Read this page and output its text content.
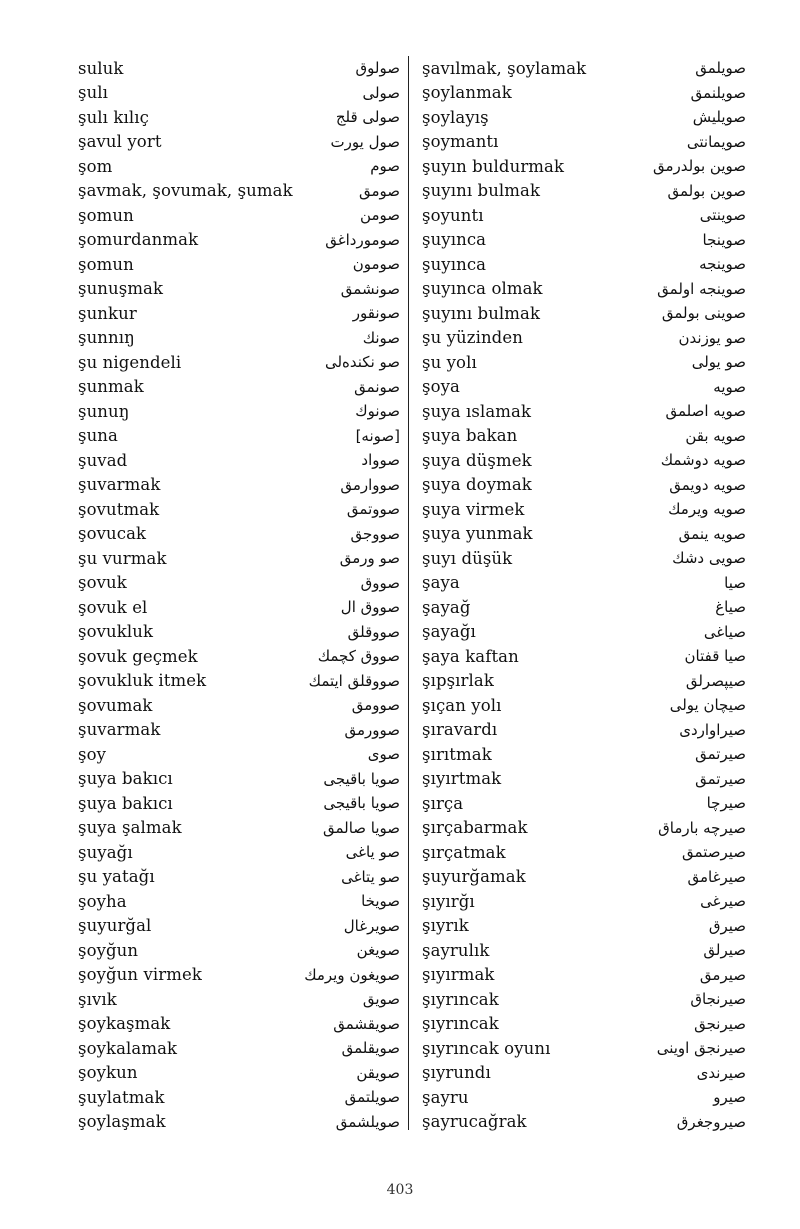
suluk	صولوق
şulı	صولی
şulı kılıç	صولی قلج
şavul yort	صول یورت
şom	صوم
şavmak, şovumak, şumak	صومق
şomun	صومن
şomurdanmak	صومورداغق
şomun	صومون
şunuşmak	صونشمق
şunkur	صونقور
şunnıŋ	صونك
şu nigendeli	صو نكنده‌لی
şunmak	صونمق
şunuŋ	صونوك
şuna	[صونه]
şuvad	صوواد
şuvarmak	صووارمق
şovutmak	صووتمق
şovucak	صووجق
şu vurmak	صو ورمق
şovuk	صووق
şovuk el	صووق ال
şovukluk	صووقلق
şovuk geçmek	صووق كچمك
şovukluk itmek	صووقلق ایتمك
şovumak	صوومق
şuvarmak	صوورمق
şoy	صوی
şuya bakıcı	صویا باقیجی
şuya bakıcı	صویا باقیجی
şuya şalmak	صویا صالمق
şuyağı	صو یاغی
şu yatağı	صو یتاغی
şoyha	صویخا
şuyurğal	صویرغال
şoyğun	صویغن
şoyğun virmek	صویغون ویرمك
şıvık	صویق
şoykaşmak	صویقشمق
şoykalamak	صویقلمق
şoykun	صویقن
şuylatmak	صویلتمق
şoylaşmak	صویلشمق
şavılmak, şoylamak	صویلمق
şoylanmak	صویلنمق
şoylayış	صویلیش
şoymantı	صویمانتی
şuyın buldurmak	صوین بولدرمق
şuyını bulmak	صوین بولمق
şoyuntı	صوینتی
şuyınca	صوینجا
şuyınca	صوینجه
şuyınca olmak	صوینجه اولمق
şuyını bulmak	صوینی بولمق
şu yüzinden	صو یوزندن
şu yolı	صو یولی
şoya	صویه
şuya ıslamak	صویه اصلمق
şuya bakan	صویه بقن
şuya düşmek	صویه دوشمك
şuya doymak	صویه دویمق
şuya virmek	صویه ویرمك
şuya yunmak	صویه ینمق
şuyı düşük	صویی دشك
şaya	صیا
şayağ	صیاغ
şayağı	صیاغی
şaya kaftan	صیا قفتان
şıpşırlak	صیپصرلق
şıçan yolı	صیچان یولی
şıravardı	صیراواردی
şırıtmak	صیرتمق
şıyırtmak	صیرتمق
şırça	صیرچا
şırçabarmak	صیرچه بارماق
şırçatmak	صیرصتمق
şuyurğamak	صیرغامق
şıyırğı	صیرغی
şıyrık	صیرق
şayrulık	صیرلق
şıyırmak	صیرمق
şıyrıncak	صیرنجاق
şıyrıncak	صیرنجق
şıyrıncak oyunı	صیرنجق اوینی
şıyrundı	صیرندی
şayru	صیرو
şayrucağrak	صیروجغرق
403
